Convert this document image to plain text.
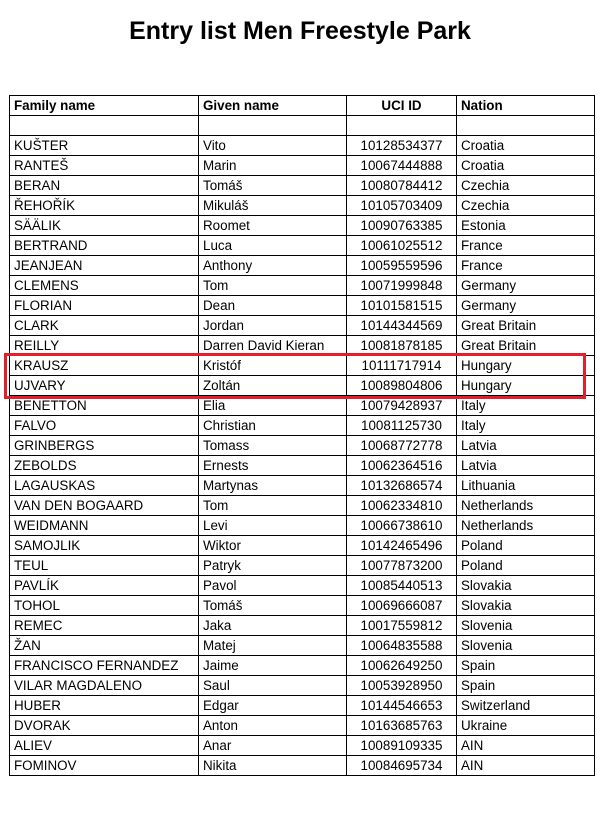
Entry list Men Freestyle Park
Family name	Given name	UCI ID	Nation

KUŠTER	Vito	10128534377	Croatia
RANTEŠ	Marin	10067444888	Croatia
BERAN	Tomáš	10080784412	Czechia
ŘEHOŘÍK	Mikuláš	10105703409	Czechia
SÄÄLIK	Roomet	10090763385	Estonia
BERTRAND	Luca	10061025512	France
JEANJEAN	Anthony	10059559596	France
CLEMENS	Tom	10071999848	Germany
FLORIAN	Dean	10101581515	Germany
CLARK	Jordan	10144344569	Great Britain
REILLY	Darren David Kieran	10081878185	Great Britain
KRAUSZ	Kristóf	10111717914	Hungary
UJVARY	Zoltán	10089804806	Hungary
BENETTON	Elia	10079428937	Italy
FALVO	Christian	10081125730	Italy
GRINBERGS	Tomass	10068772778	Latvia
ZEBOLDS	Ernests	10062364516	Latvia
LAGAUSKAS	Martynas	10132686574	Lithuania
VAN DEN BOGAARD	Tom	10062334810	Netherlands
WEIDMANN	Levi	10066738610	Netherlands
SAMOJLIK	Wiktor	10142465496	Poland
TEUL	Patryk	10077873200	Poland
PAVLÍK	Pavol	10085440513	Slovakia
TOHOL	Tomáš	10069666087	Slovakia
REMEC	Jaka	10017559812	Slovenia
ŽAN	Matej	10064835588	Slovenia
FRANCISCO FERNANDEZ	Jaime	10062649250	Spain
VILAR MAGDALENO	Saul	10053928950	Spain
HUBER	Edgar	10144546653	Switzerland
DVORAK	Anton	10163685763	Ukraine
ALIEV	Anar	10089109335	AIN
FOMINOV	Nikita	10084695734	AIN
